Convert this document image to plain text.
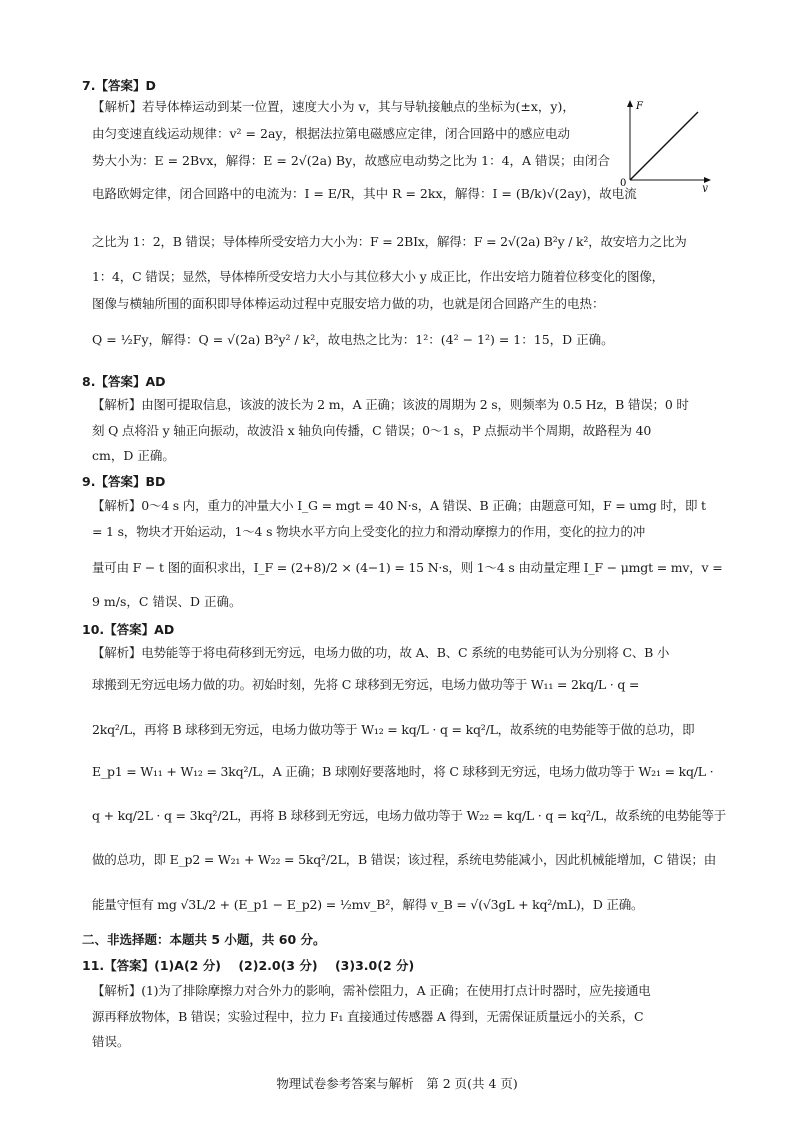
7.【答案】D
【解析】若导体棒运动到某一位置，速度大小为 v，其与导轨接触点的坐标为(±x，y)，
由匀变速直线运动规律：v² = 2ay，根据法拉第电磁感应定律，闭合回路中的感应电动
势大小为：E = 2Bvx，解得：E = 2√(2a) By，故感应电动势之比为 1：4，A 错误；由闭合
电路欧姆定律，闭合回路中的电流为：I = E/R，其中 R = 2kx，解得：I = (B/k)√(2ay)，故电流
之比为 1：2，B 错误；导体棒所受安培力大小为：F = 2BIx，解得：F = 2√(2a) B²y / k²，故安培力之比为
1：4，C 错误；显然，导体棒所受安培力大小与其位移大小 y 成正比，作出安培力随着位移变化的图像，
图像与横轴所围的面积即导体棒运动过程中克服安培力做的功，也就是闭合回路产生的电热：
Q = ½Fy，解得：Q = √(2a) B²y² / k²，故电热之比为：1²：(4² − 1²) = 1：15，D 正确。
F
0	y
8.【答案】AD
【解析】由图可提取信息，该波的波长为 2 m，A 正确；该波的周期为 2 s，则频率为 0.5 Hz，B 错误；0 时
刻 Q 点将沿 y 轴正向振动，故波沿 x 轴负向传播，C 错误；0～1 s，P 点振动半个周期，故路程为 40
cm，D 正确。
9.【答案】BD
【解析】0～4 s 内，重力的冲量大小 I_G = mgt = 40 N·s，A 错误、B 正确；由题意可知，F = umg 时，即 t
= 1 s，物块才开始运动，1～4 s 物块水平方向上受变化的拉力和滑动摩擦力的作用，变化的拉力的冲
量可由 F − t 图的面积求出，I_F = (2+8)/2 × (4−1) = 15 N·s，则 1～4 s 由动量定理 I_F − μmgt = mv，v =
9 m/s，C 错误、D 正确。
10.【答案】AD
【解析】电势能等于将电荷移到无穷远，电场力做的功，故 A、B、C 系统的电势能可认为分别将 C、B 小
球搬到无穷远电场力做的功。初始时刻，先将 C 球移到无穷远，电场力做功等于 W₁₁ = 2kq/L · q =
2kq²/L，再将 B 球移到无穷远，电场力做功等于 W₁₂ = kq/L · q = kq²/L，故系统的电势能等于做的总功，即
E_p1 = W₁₁ + W₁₂ = 3kq²/L，A 正确；B 球刚好要落地时，将 C 球移到无穷远，电场力做功等于 W₂₁ = kq/L ·
q + kq/2L · q = 3kq²/2L，再将 B 球移到无穷远，电场力做功等于 W₂₂ = kq/L · q = kq²/L，故系统的电势能等于
做的总功，即 E_p2 = W₂₁ + W₂₂ = 5kq²/2L，B 错误；该过程，系统电势能减小，因此机械能增加，C 错误；由
能量守恒有 mg √3L/2 + (E_p1 − E_p2) = ½mv_B²，解得 v_B = √(√3gL + kq²/mL)，D 正确。
二、非选择题：本题共 5 小题，共 60 分。
11.【答案】(1)A(2 分)    (2)2.0(3 分)    (3)3.0(2 分)
【解析】(1)为了排除摩擦力对合外力的影响，需补偿阻力，A 正确；在使用打点计时器时，应先接通电
源再释放物体，B 错误；实验过程中，拉力 F₁ 直接通过传感器 A 得到，无需保证质量远小的关系，C
错误。
物理试卷参考答案与解析　第 2 页(共 4 页)
